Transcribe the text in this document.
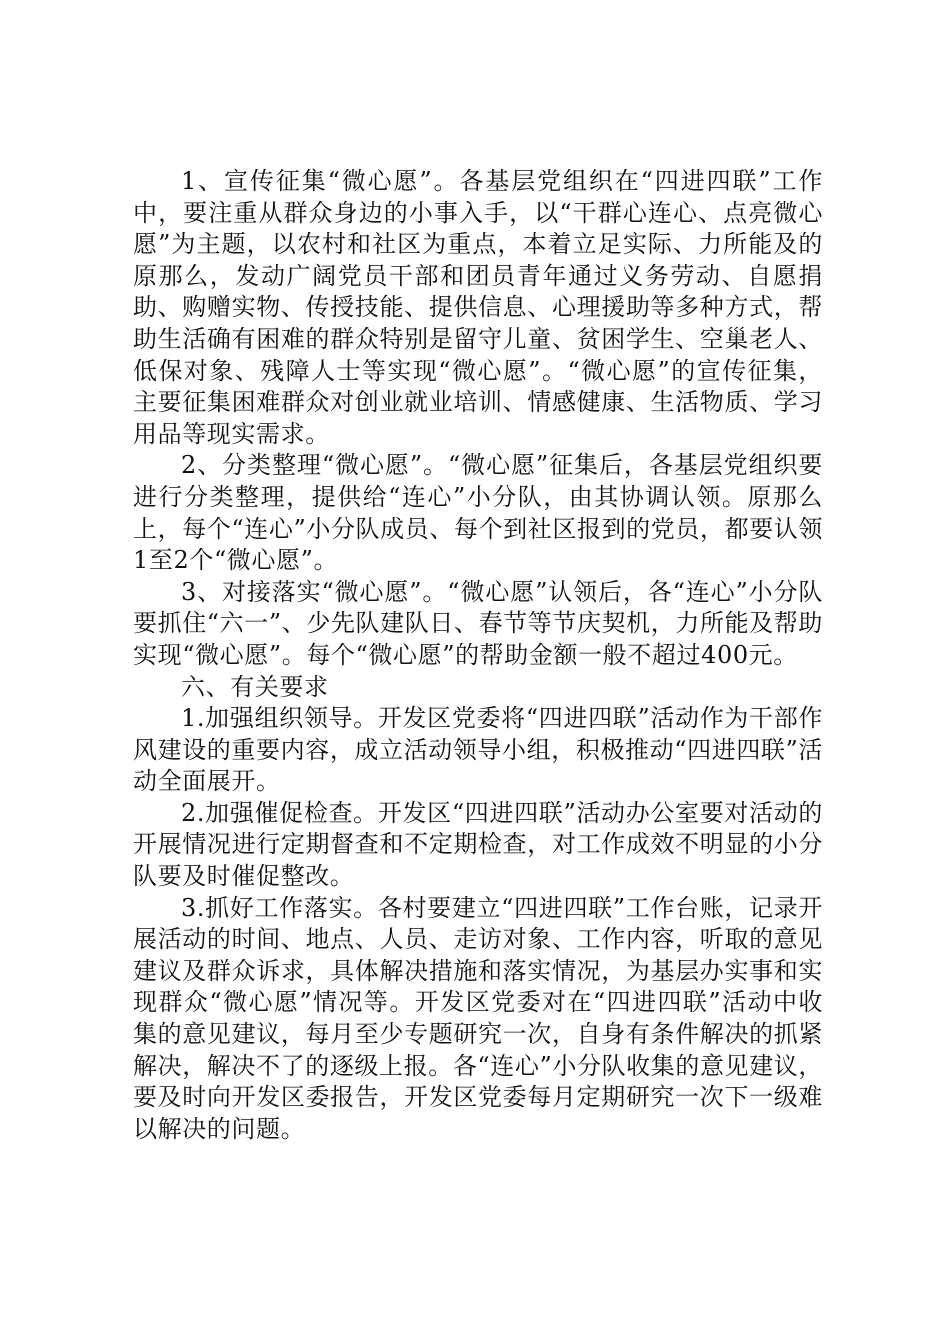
1、宣传征集“微心愿”。各基层党组织在“四进四联”工作中，要注重从群众身边的小事入手，以“干群心连心、点亮微心愿”为主题，以农村和社区为重点，本着立足实际、力所能及的原那么，发动广阔党员干部和团员青年通过义务劳动、自愿捐助、购赠实物、传授技能、提供信息、心理援助等多种方式，帮助生活确有困难的群众特别是留守儿童、贫困学生、空巢老人、低保对象、残障人士等实现“微心愿”。“微心愿”的宣传征集，主要征集困难群众对创业就业培训、情感健康、生活物质、学习用品等现实需求。

2、分类整理“微心愿”。“微心愿”征集后，各基层党组织要进行分类整理，提供给“连心”小分队，由其协调认领。原那么上，每个“连心”小分队成员、每个到社区报到的党员，都要认领1至2个“微心愿”。

3、对接落实“微心愿”。“微心愿”认领后，各“连心”小分队要抓住“六一”、少先队建队日、春节等节庆契机，力所能及帮助实现“微心愿”。每个“微心愿”的帮助金额一般不超过400元。

六、有关要求

1.加强组织领导。开发区党委将“四进四联”活动作为干部作风建设的重要内容，成立活动领导小组，积极推动“四进四联”活动全面展开。

2.加强催促检查。开发区“四进四联”活动办公室要对活动的开展情况进行定期督查和不定期检查，对工作成效不明显的小分队要及时催促整改。

3.抓好工作落实。各村要建立“四进四联”工作台账，记录开展活动的时间、地点、人员、走访对象、工作内容，听取的意见建议及群众诉求，具体解决措施和落实情况，为基层办实事和实现群众“微心愿”情况等。开发区党委对在“四进四联”活动中收集的意见建议，每月至少专题研究一次，自身有条件解决的抓紧解决，解决不了的逐级上报。各“连心”小分队收集的意见建议，要及时向开发区委报告，开发区党委每月定期研究一次下一级难以解决的问题。
